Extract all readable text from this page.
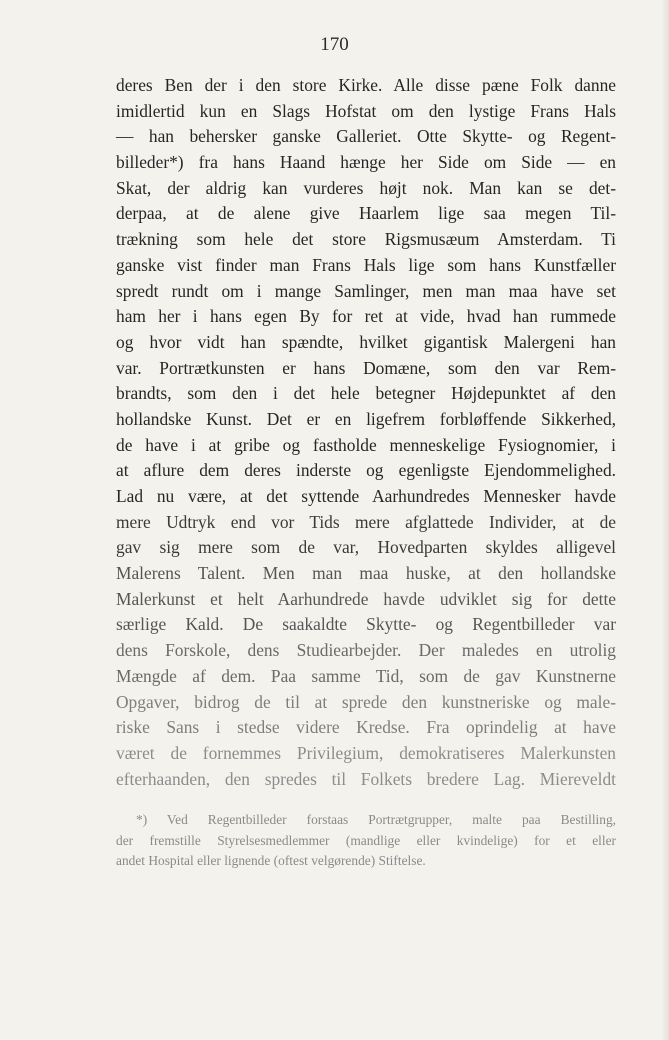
170
deres Ben der i den store Kirke. Alle disse pæne Folk danne
imidlertid kun en Slags Hofstat om den lystige Frans Hals
— han behersker ganske Galleriet. Otte Skytte- og Regent-
billeder*) fra hans Haand hænge her Side om Side — en
Skat, der aldrig kan vurderes højt nok. Man kan se det-
derpaa, at de alene give Haarlem lige saa megen Til-
trækning som hele det store Rigsmusæum Amsterdam. Ti
ganske vist finder man Frans Hals lige som hans Kunstfæller
spredt rundt om i mange Samlinger, men man maa have set
ham her i hans egen By for ret at vide, hvad han rummede
og hvor vidt han spændte, hvilket gigantisk Malergeni han
var. Portrætkunsten er hans Domæne, som den var Rem-
brandts, som den i det hele betegner Højdepunktet af den
hollandske Kunst. Det er en ligefrem forbløffende Sikkerhed,
de have i at gribe og fastholde menneskelige Fysiognomier, i
at aflure dem deres inderste og egenligste Ejendommelighed.
Lad nu være, at det syttende Aarhundredes Mennesker havde
mere Udtryk end vor Tids mere afglattede Individer, at de
gav sig mere som de var, Hovedparten skyldes alligevel
Malerens Talent. Men man maa huske, at den hollandske
Malerkunst et helt Aarhundrede havde udviklet sig for dette
særlige Kald. De saakaldte Skytte- og Regentbilleder var
dens Forskole, dens Studiearbejder. Der maledes en utrolig
Mængde af dem. Paa samme Tid, som de gav Kunstnerne
Opgaver, bidrog de til at sprede den kunstneriske og male-
riske Sans i stedse videre Kredse. Fra oprindelig at have
været de fornemmes Privilegium, demokratiseres Malerkunsten
efterhaanden, den spredes til Folkets bredere Lag. Miereveldt
*) Ved Regentbilleder forstaas Portrætgrupper, malte paa Bestilling,
der fremstille Styrelsesmedlemmer (mandlige eller kvindelige) for et eller
andet Hospital eller lignende (oftest velgørende) Stiftelse.
